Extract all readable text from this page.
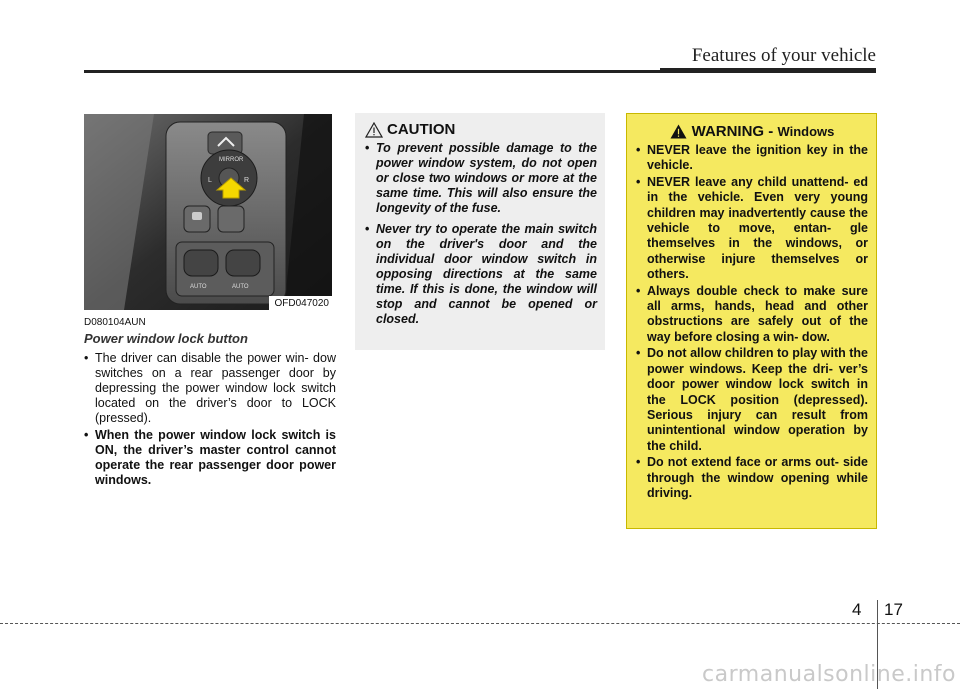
Features of your vehicle
MIRROR
L	R
AUTO	AUTO
OFD047020
D080104AUN
Power window lock button
• The driver can disable the power win- dow switches on a rear passenger door by depressing the power window lock switch located on the driver’s door to LOCK (pressed).
• When the power window lock switch is ON, the driver’s master control cannot operate the rear passenger door power windows.
CAUTION
• To prevent possible damage to the power window system, do not open or close two windows or more at the same time. This will also ensure the longevity of the fuse.
• Never try to operate the main switch on the driver's door and the individual door window switch in opposing directions at the same time. If this is done, the window will stop and cannot be opened or closed.
WARNING - Windows
• NEVER leave the ignition key in the vehicle.
• NEVER leave any child unattend- ed in the vehicle. Even very young children may inadvertently cause the vehicle to move, entan- gle themselves in the windows, or otherwise injure themselves or others.
• Always double check to make sure all arms, hands, head and other obstructions are safely out of the way before closing a win- dow.
• Do not allow children to play with the power windows. Keep the dri- ver’s door power window lock switch in the LOCK position (depressed). Serious injury can result from unintentional window operation by the child.
• Do not extend face or arms out- side through the window opening while driving.
4 17
carmanualsonline.info
